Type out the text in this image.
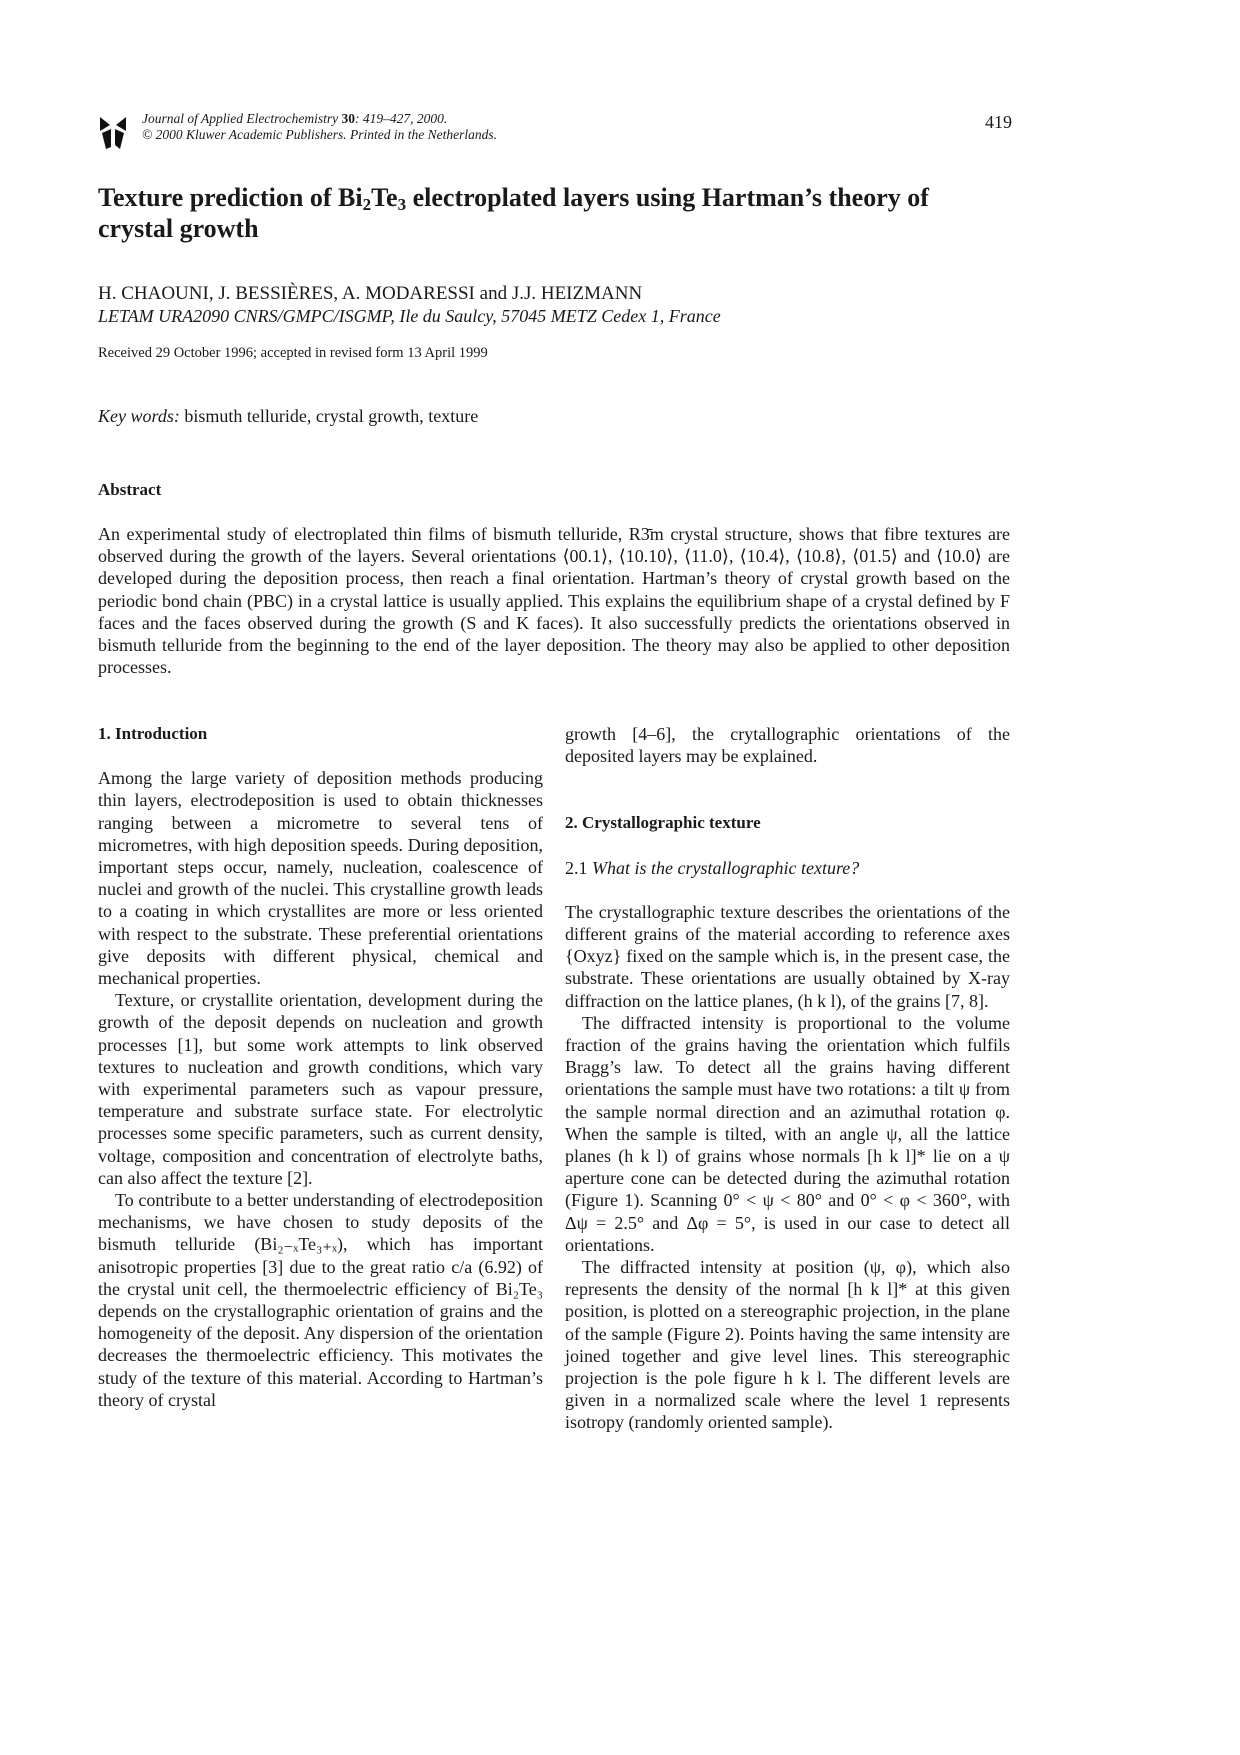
Journal of Applied Electrochemistry 30: 419–427, 2000.
© 2000 Kluwer Academic Publishers. Printed in the Netherlands.
419
Texture prediction of $Bi_2Te_3$ electroplated layers using Hartman’s theory of crystal growth
H. CHAOUNI, J. BESSIÈRES, A. MODARESSI and J.J. HEIZMANN
LETAM URA2090 CNRS/GMPC/ISGMP, Ile du Saulcy, 57045 METZ Cedex 1, France
Received 29 October 1996; accepted in revised form 13 April 1999
Key words: bismuth telluride, crystal growth, texture
Abstract
An experimental study of electroplated thin films of bismuth telluride, R3̄m crystal structure, shows that fibre textures are observed during the growth of the layers. Several orientations ⟨00.1⟩, ⟨10.10⟩, ⟨11.0⟩, ⟨10.4⟩, ⟨10.8⟩, ⟨01.5⟩ and ⟨10.0⟩ are developed during the deposition process, then reach a final orientation. Hartman’s theory of crystal growth based on the periodic bond chain (PBC) in a crystal lattice is usually applied. This explains the equilibrium shape of a crystal defined by F faces and the faces observed during the growth (S and K faces). It also successfully predicts the orientations observed in bismuth telluride from the beginning to the end of the layer deposition. The theory may also be applied to other deposition processes.

1. Introduction

Among the large variety of deposition methods producing thin layers, electrodeposition is used to obtain thicknesses ranging between a micrometre to several tens of micrometres, with high deposition speeds. During deposition, important steps occur, namely, nucleation, coalescence of nuclei and growth of the nuclei. This crystalline growth leads to a coating in which crystallites are more or less oriented with respect to the substrate. These preferential orientations give deposits with different physical, chemical and mechanical properties.

Texture, or crystallite orientation, development during the growth of the deposit depends on nucleation and growth processes [1], but some work attempts to link observed textures to nucleation and growth conditions, which vary with experimental parameters such as vapour pressure, temperature and substrate surface state. For electrolytic processes some specific parameters, such as current density, voltage, composition and concentration of electrolyte baths, can also affect the texture [2].

To contribute to a better understanding of electrodeposition mechanisms, we have chosen to study deposits of the bismuth telluride (Bi₂₋ₓTe₃₊ₓ), which has important anisotropic properties [3] due to the great ratio c/a (6.92) of the crystal unit cell, the thermoelectric efficiency of Bi₂Te₃ depends on the crystallographic orientation of grains and the homogeneity of the deposit. Any dispersion of the orientation decreases the thermoelectric efficiency. This motivates the study of the texture of this material. According to Hartman’s theory of crystal

growth [4–6], the crytallographic orientations of the deposited layers may be explained.

2. Crystallographic texture

2.1 What is the crystallographic texture?

The crystallographic texture describes the orientations of the different grains of the material according to reference axes {Oxyz} fixed on the sample which is, in the present case, the substrate. These orientations are usually obtained by X-ray diffraction on the lattice planes, (h k l), of the grains [7, 8].

The diffracted intensity is proportional to the volume fraction of the grains having the orientation which fulfils Bragg’s law. To detect all the grains having different orientations the sample must have two rotations: a tilt ψ from the sample normal direction and an azimuthal rotation φ. When the sample is tilted, with an angle ψ, all the lattice planes (h k l) of grains whose normals [h k l]* lie on a ψ aperture cone can be detected during the azimuthal rotation (Figure 1). Scanning 0° < ψ < 80° and 0° < φ < 360°, with Δψ = 2.5° and Δφ = 5°, is used in our case to detect all orientations.

The diffracted intensity at position (ψ, φ), which also represents the density of the normal [h k l]* at this given position, is plotted on a stereographic projection, in the plane of the sample (Figure 2). Points having the same intensity are joined together and give level lines. This stereographic projection is the pole figure h k l. The different levels are given in a normalized scale where the level 1 represents isotropy (randomly oriented sample).
